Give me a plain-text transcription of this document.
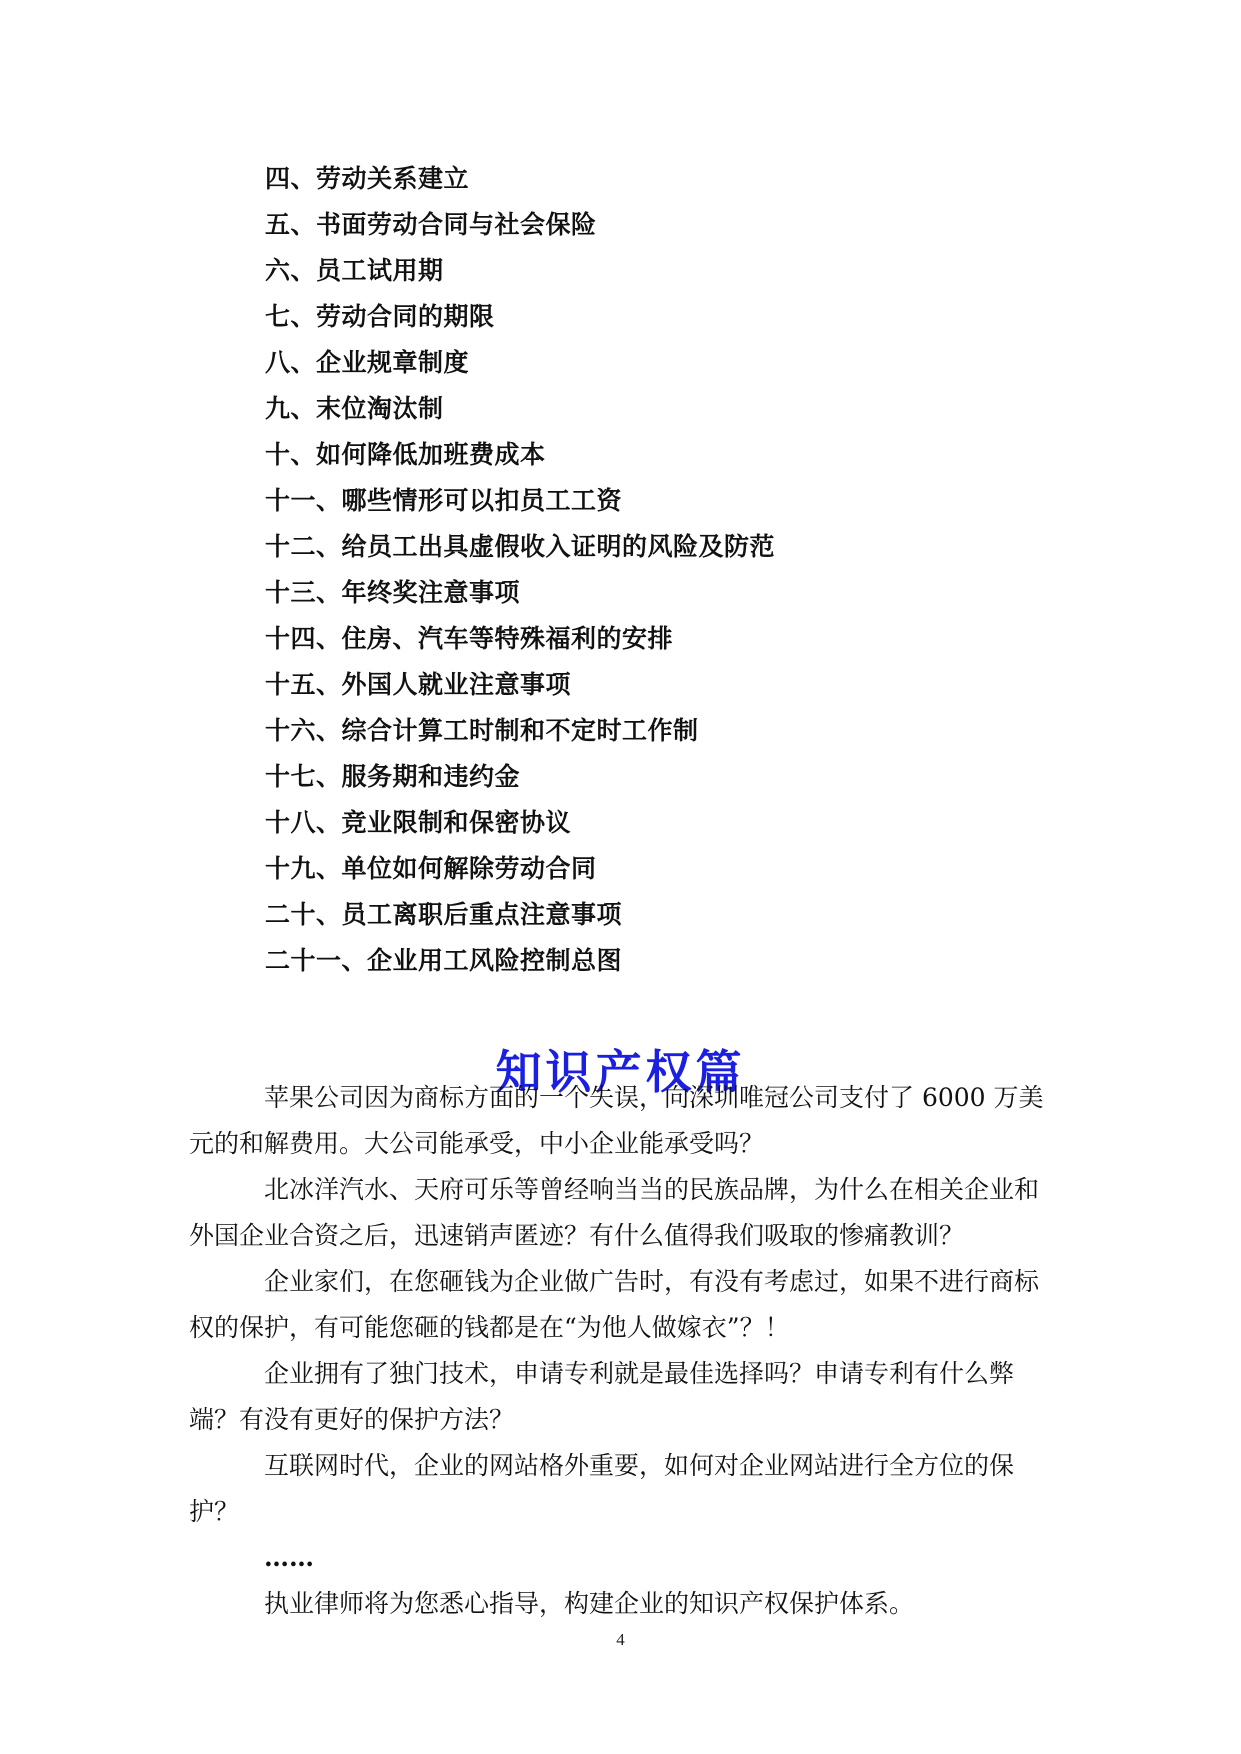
四、劳动关系建立
五、书面劳动合同与社会保险
六、员工试用期
七、劳动合同的期限
八、企业规章制度
九、末位淘汰制
十、如何降低加班费成本
十一、哪些情形可以扣员工工资
十二、给员工出具虚假收入证明的风险及防范
十三、年终奖注意事项
十四、住房、汽车等特殊福利的安排
十五、外国人就业注意事项
十六、综合计算工时制和不定时工作制
十七、服务期和违约金
十八、竞业限制和保密协议
十九、单位如何解除劳动合同
二十、员工离职后重点注意事项
二十一、企业用工风险控制总图
知识产权篇

苹果公司因为商标方面的一个失误，向深圳唯冠公司支付了 6000 万美元的和解费用。大公司能承受，中小企业能承受吗？

北冰洋汽水、天府可乐等曾经响当当的民族品牌，为什么在相关企业和外国企业合资之后，迅速销声匿迹？有什么值得我们吸取的惨痛教训？

企业家们，在您砸钱为企业做广告时，有没有考虑过，如果不进行商标权的保护，有可能您砸的钱都是在“为他人做嫁衣”？！

企业拥有了独门技术，申请专利就是最佳选择吗？申请专利有什么弊端？有没有更好的保护方法？

互联网时代，企业的网站格外重要，如何对企业网站进行全方位的保护？

……

执业律师将为您悉心指导，构建企业的知识产权保护体系。

4
